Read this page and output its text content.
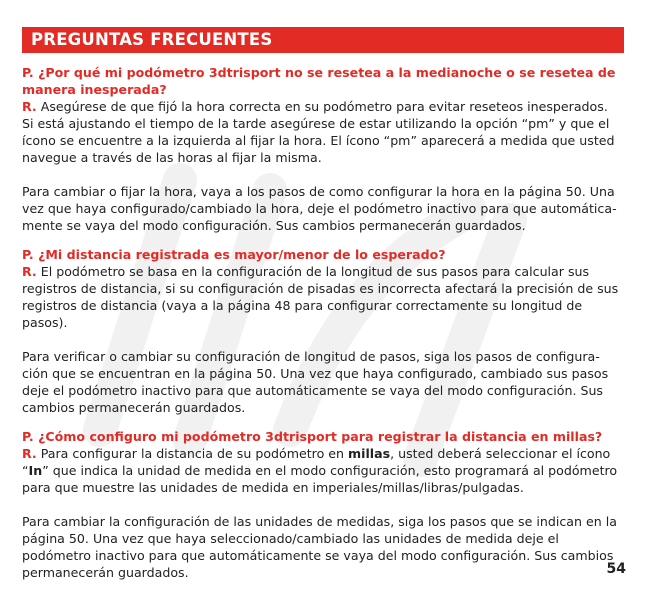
PREGUNTAS FRECUENTES

P. ¿Por qué mi podómetro 3dtrisport no se resetea a la medianoche o se resetea de manera inesperada?

R. Asegúrese de que fijó la hora correcta en su podómetro para evitar reseteos inesperados.
Si está ajustando el tiempo de la tarde asegúrese de estar utilizando la opción “pm” y que el
ícono se encuentre a la izquierda al fijar la hora. El ícono “pm” aparecerá a medida que usted
navegue a través de las horas al fijar la misma.

Para cambiar o fijar la hora, vaya a los pasos de como configurar la hora en la página 50. Una
vez que haya configurado/cambiado la hora, deje el podómetro inactivo para que automática-
mente se vaya del modo configuración. Sus cambios permanecerán guardados.

P. ¿Mi distancia registrada es mayor/menor de lo esperado?

R. El podómetro se basa en la configuración de la longitud de sus pasos para calcular sus
registros de distancia, si su configuración de pisadas es incorrecta afectará la precisión de sus
registros de distancia (vaya a la página 48 para configurar correctamente su longitud de
pasos).

Para verificar o cambiar su configuración de longitud de pasos, siga los pasos de configura-
ción que se encuentran en la página 50. Una vez que haya configurado, cambiado sus pasos
deje el podómetro inactivo para que automáticamente se vaya del modo configuración. Sus
cambios permanecerán guardados.

P. ¿Cómo configuro mi podómetro 3dtrisport para registrar la distancia en millas?

R. Para configurar la distancia de su podómetro en millas, usted deberá seleccionar el ícono
“In” que indica la unidad de medida en el modo configuración, esto programará al podómetro
para que muestre las unidades de medida en imperiales/millas/libras/pulgadas.

Para cambiar la configuración de las unidades de medidas, siga los pasos que se indican en la
página 50. Una vez que haya seleccionado/cambiado las unidades de medida deje el
podómetro inactivo para que automáticamente se vaya del modo configuración. Sus cambios
permanecerán guardados.	54
